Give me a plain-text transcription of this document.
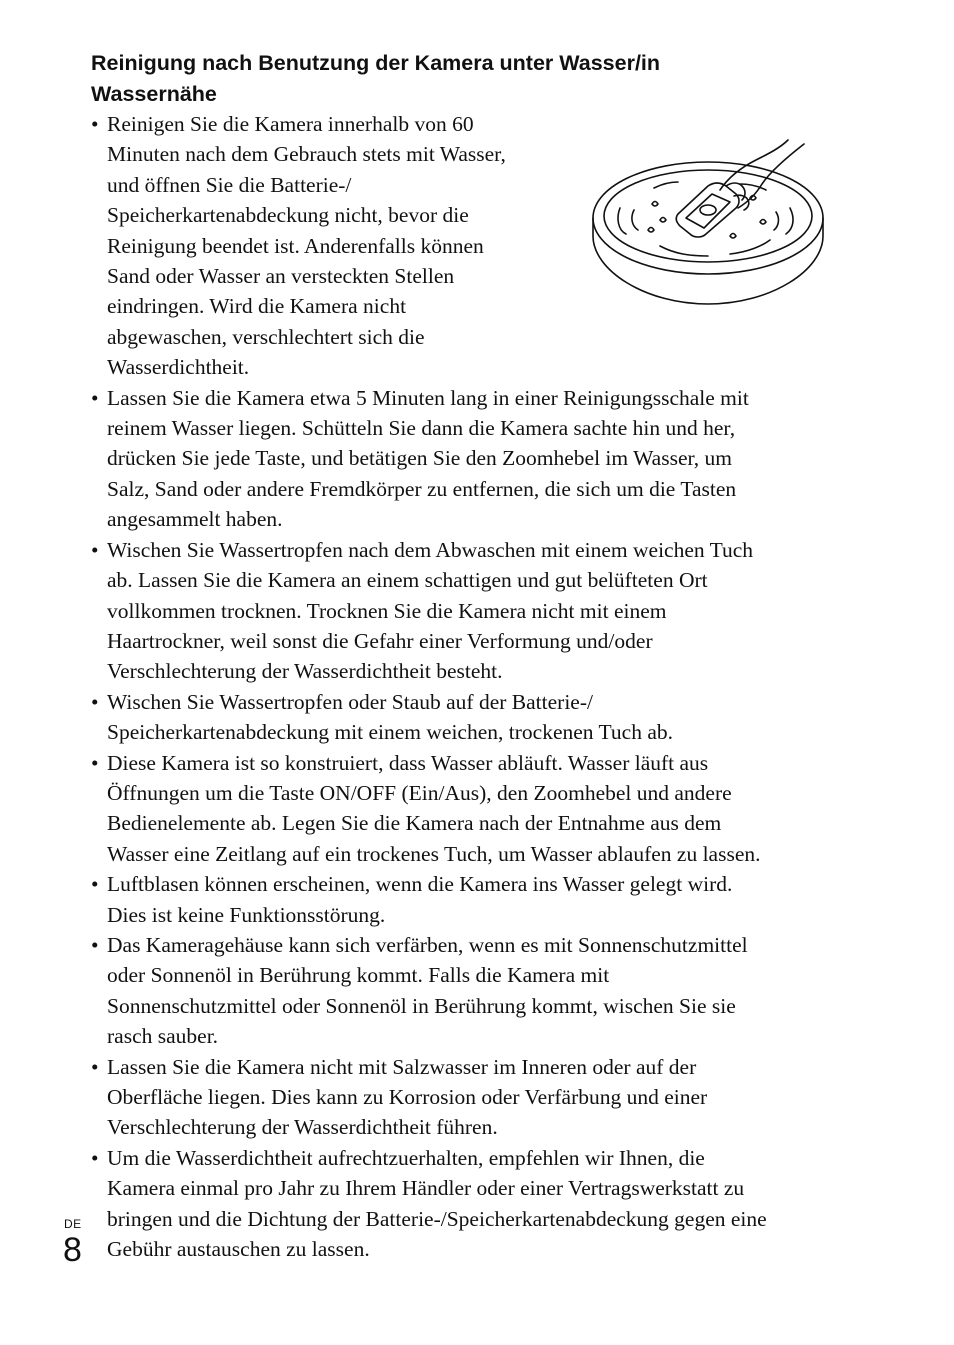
Reinigung nach Benutzung der Kamera unter Wasser/in
Wassernähe
• Reinigen Sie die Kamera innerhalb von 60
Minuten nach dem Gebrauch stets mit Wasser,
und öffnen Sie die Batterie-/
Speicherkartenabdeckung nicht, bevor die
Reinigung beendet ist. Anderenfalls können
Sand oder Wasser an versteckten Stellen
eindringen. Wird die Kamera nicht
abgewaschen, verschlechtert sich die
Wasserdichtheit.
• Lassen Sie die Kamera etwa 5 Minuten lang in einer Reinigungsschale mit
reinem Wasser liegen. Schütteln Sie dann die Kamera sachte hin und her,
drücken Sie jede Taste, und betätigen Sie den Zoomhebel im Wasser, um
Salz, Sand oder andere Fremdkörper zu entfernen, die sich um die Tasten
angesammelt haben.
• Wischen Sie Wassertropfen nach dem Abwaschen mit einem weichen Tuch
ab. Lassen Sie die Kamera an einem schattigen und gut belüfteten Ort
vollkommen trocknen. Trocknen Sie die Kamera nicht mit einem
Haartrockner, weil sonst die Gefahr einer Verformung und/oder
Verschlechterung der Wasserdichtheit besteht.
• Wischen Sie Wassertropfen oder Staub auf der Batterie-/
Speicherkartenabdeckung mit einem weichen, trockenen Tuch ab.
• Diese Kamera ist so konstruiert, dass Wasser abläuft. Wasser läuft aus
Öffnungen um die Taste ON/OFF (Ein/Aus), den Zoomhebel und andere
Bedienelemente ab. Legen Sie die Kamera nach der Entnahme aus dem
Wasser eine Zeitlang auf ein trockenes Tuch, um Wasser ablaufen zu lassen.
• Luftblasen können erscheinen, wenn die Kamera ins Wasser gelegt wird.
Dies ist keine Funktionsstörung.
• Das Kameragehäuse kann sich verfärben, wenn es mit Sonnenschutzmittel
oder Sonnenöl in Berührung kommt. Falls die Kamera mit
Sonnenschutzmittel oder Sonnenöl in Berührung kommt, wischen Sie sie
rasch sauber.
• Lassen Sie die Kamera nicht mit Salzwasser im Inneren oder auf der
Oberfläche liegen. Dies kann zu Korrosion oder Verfärbung und einer
Verschlechterung der Wasserdichtheit führen.
• Um die Wasserdichtheit aufrechtzuerhalten, empfehlen wir Ihnen, die
Kamera einmal pro Jahr zu Ihrem Händler oder einer Vertragswerkstatt zu
bringen und die Dichtung der Batterie-/Speicherkartenabdeckung gegen eine
Gebühr austauschen zu lassen.
DE
8
